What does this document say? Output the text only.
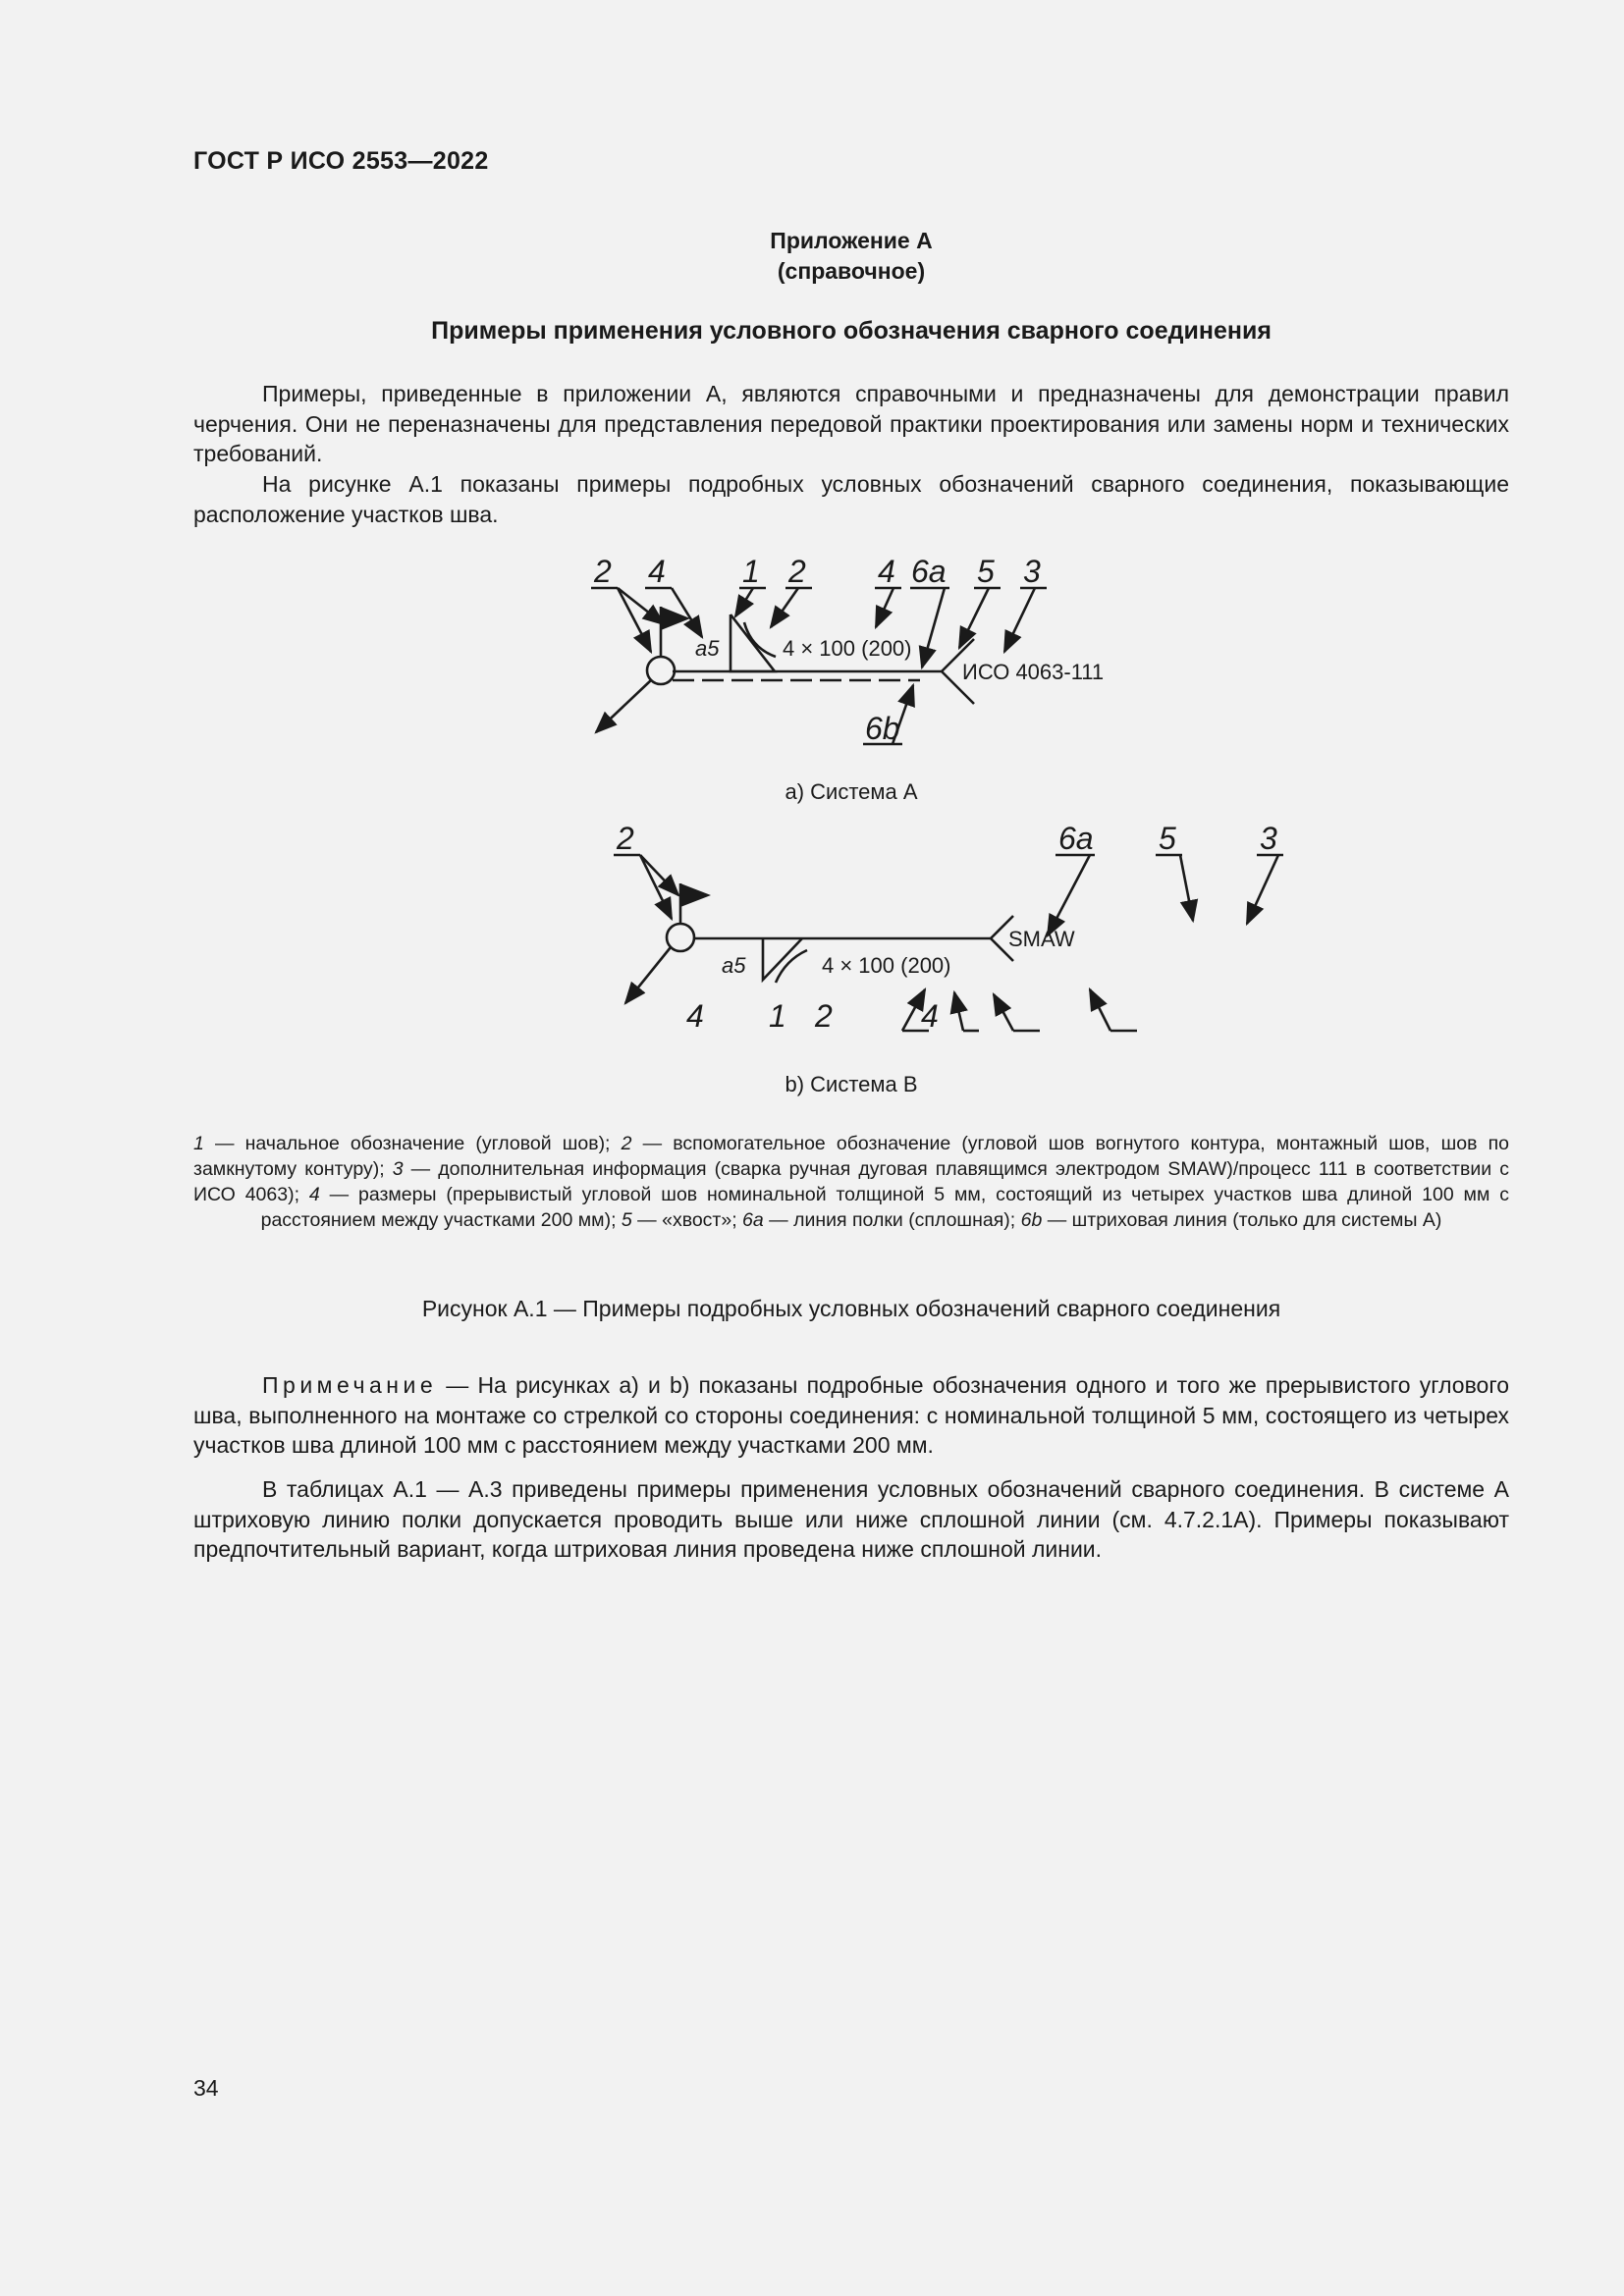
ГОСТ Р ИСО 2553—2022
Приложение А
(справочное)
Примеры применения условного обозначения сварного соединения

Примеры, приведенные в приложении А, являются справочными и предназначены для демонстрации правил черчения. Они не переназначены для представления передовой практики проектирования или замены норм и технических требований.

На рисунке А.1 показаны примеры подробных условных обозначений сварного соединения, показывающие расположение участков шва.

2 4 1 2 4 6a 5 3
6b
a5	4 × 100 (200)
ИСО 4063-111
а) Система А
2	6a 5	3
4 1 2	4
a5	4 × 100 (200)
SMAW
b) Система В
1 — начальное обозначение (угловой шов); 2 — вспомогательное обозначение (угловой шов вогнутого контура, монтажный шов, шов по замкнутому контуру); 3 — дополнительная информация (сварка ручная дуговая плавящимся электродом SMAW)/процесс 111 в соответствии с ИСО 4063); 4 — размеры (прерывистый угловой шов номинальной толщиной 5 мм, состоящий из четырех участков шва длиной 100 мм с расстоянием между участками 200 мм); 5 — «хвост»; 6a — линия полки (сплошная); 6b — штриховая линия (только для системы А)
Рисунок А.1 — Примеры подробных условных обозначений сварного соединения

Примечание — На рисунках а) и b) показаны подробные обозначения одного и того же прерывистого углового шва, выполненного на монтаже со стрелкой со стороны соединения: с номинальной толщиной 5 мм, состоящего из четырех участков шва длиной 100 мм с расстоянием между участками 200 мм.

В таблицах А.1 — А.3 приведены примеры применения условных обозначений сварного соединения. В системе А штриховую линию полки допускается проводить выше или ниже сплошной линии (см. 4.7.2.1А). Примеры показывают предпочтительный вариант, когда штриховая линия проведена ниже сплошной линии.

34
